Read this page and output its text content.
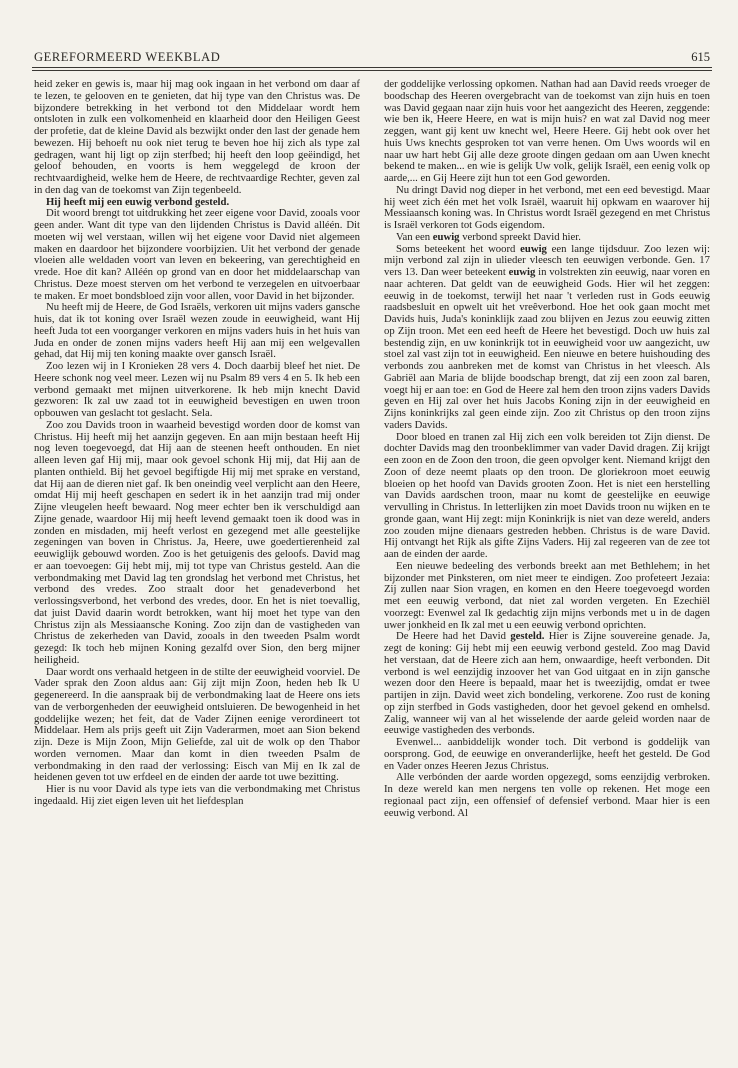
GEREFORMEERD WEEKBLAD	615

heid zeker en gewis is, maar hij mag ook ingaan in het verbond om daar af te lezen, te gelooven en te genieten, dat hij type van den Christus was. De bijzondere betrekking in het verbond tot den Middelaar wordt hem ontsloten in zulk een volkomenheid en klaarheid door den Heiligen Geest der profetie, dat de kleine David als bezwijkt onder den last der genade hem bewezen. Hij behoeft nu ook niet terug te beven hoe hij zich als type zal gedragen, want hij ligt op zijn sterfbed; hij heeft den loop geëindigd, het geloof behouden, en voorts is hem weggelegd de kroon der rechtvaardigheid, welke hem de Heere, de rechtvaardige Rechter, geven zal in den dag van de toekomst van Zijn tegenbeeld.

Hij heeft mij een euwig verbond gesteld.

Dit woord brengt tot uitdrukking het zeer eigene voor David, zooals voor geen ander. Want dit type van den lijdenden Christus is David alléén. Dit moeten wij wel verstaan, willen wij het eigene voor David niet algemeen maken en daardoor het bijzondere voorbijzien. Uit het verbond der genade vloeien alle weldaden voort van leven en bekeering, van gerechtigheid en vrede. Hoe dit kan? Alléén op grond van en door het middelaarschap van Christus. Deze moest sterven om het verbond te verzegelen en uitvoerbaar te maken. Er moet bondsbloed zijn voor allen, voor David in het bijzonder.

Nu heeft mij de Heere, de God Israëls, verkoren uit mijns vaders gansche huis, dat ik tot koning over Israël wezen zoude in eeuwigheid, want Hij heeft Juda tot een voorganger verkoren en mijns vaders huis in het huis van Juda en onder de zonen mijns vaders heeft Hij aan mij een welgevallen gehad, dat Hij mij ten koning maakte over gansch Israël.

Zoo lezen wij in I Kronieken 28 vers 4. Doch daarbij bleef het niet. De Heere schonk nog veel meer. Lezen wij nu Psalm 89 vers 4 en 5. Ik heb een verbond gemaakt met mijnen uitverkorene. Ik heb mijn knecht David gezworen: Ik zal uw zaad tot in eeuwigheid bevestigen en uwen troon opbouwen van geslacht tot geslacht. Sela.

Zoo zou Davids troon in waarheid bevestigd worden door de komst van Christus. Hij heeft mij het aanzijn gegeven. En aan mijn bestaan heeft Hij nog leven toegevoegd, dat Hij aan de steenen heeft onthouden. En niet alleen leven gaf Hij mij, maar ook gevoel schonk Hij mij, dat Hij aan de planten onthield. Bij het gevoel begiftigde Hij mij met sprake en verstand, dat Hij aan de dieren niet gaf. Ik ben oneindig veel verplicht aan den Heere, omdat Hij mij heeft geschapen en sedert ik in het aanzijn trad mij onder Zijne vleugelen heeft bewaard. Nog meer echter ben ik verschuldigd aan Zijne genade, waardoor Hij mij heeft levend gemaakt toen ik dood was in zonden en misdaden, mij heeft verlost en gezegend met alle geestelijke zegeningen van boven in Christus. Ja, Heere, uwe goedertierenheid zal eeuwiglijk gebouwd worden. Zoo is het getuigenis des geloofs. David mag er aan toevoegen: Gij hebt mij, mij tot type van Christus gesteld. Aan die verbondmaking met David lag ten grondslag het verbond met Christus, het verbond des vredes. Zoo straalt door het genadeverbond het verlossingsverbond, het verbond des vredes, door. En het is niet toevallig, dat juist David daarin wordt betrokken, want hij moet het type van den Christus zijn als Messiaansche Koning. Zoo zijn dan de vastigheden van Christus de zekerheden van David, zooals in den tweeden Psalm wordt gezegd: Ik toch heb mijnen Koning gezalfd over Sion, den berg mijner heiligheid.

Daar wordt ons verhaald hetgeen in de stilte der eeuwigheid voorviel. De Vader sprak den Zoon aldus aan: Gij zijt mijn Zoon, heden heb Ik U gegenereerd. In die aanspraak bij de verbondmaking laat de Heere ons iets van de verborgenheden der eeuwigheid ontsluieren. De bewogenheid in het goddelijke wezen; het feit, dat de Vader Zijnen eenige verordineert tot Middelaar. Hem als prijs geeft uit Zijn Vaderarmen, moet aan Sion bekend zijn. Deze is Mijn Zoon, Mijn Geliefde, zal uit de wolk op den Thabor worden vernomen. Maar dan komt in dien tweeden Psalm de verbondmaking in den raad der verlossing: Eisch van Mij en Ik zal de heidenen geven tot uw erfdeel en de einden der aarde tot uwe bezitting.

Hier is nu voor David als type iets van die verbondmaking met Christus ingedaald. Hij ziet eigen leven uit het liefdesplan

der goddelijke verlossing opkomen. Nathan had aan David reeds vroeger de boodschap des Heeren overgebracht van de toekomst van zijn huis en toen was David gegaan naar zijn huis voor het aangezicht des Heeren, zeggende: wie ben ik, Heere Heere, en wat is mijn huis? en wat zal David nog meer zeggen, want gij kent uw knecht wel, Heere Heere. Gij hebt ook over het huis Uws knechts gesproken tot van verre henen. Om Uws woords wil en naar uw hart hebt Gij alle deze groote dingen gedaan om aan Uwen knecht bekend te maken... en wie is gelijk Uw volk, gelijk Israël, een eenig volk op aarde,... en Gij Heere zijt hun tot een God geworden.

Nu dringt David nog dieper in het verbond, met een eed bevestigd. Maar hij weet zich één met het volk Israël, waaruit hij opkwam en waarover hij Messiaansch koning was. In Christus wordt Israël gezegend en met Christus is Israël verkoren tot Gods eigendom.

Van een euwig verbond spreekt David hier.

Soms beteekent het woord euwig een lange tijdsduur. Zoo lezen wij: mijn verbond zal zijn in ulieder vleesch ten eeuwigen verbonde. Gen. 17 vers 13. Dan weer beteekent euwig in volstrekten zin eeuwig, naar voren en naar achteren. Dat geldt van de eeuwigheid Gods. Hier wil het zeggen: eeuwig in de toekomst, terwijl het naar 't verleden rust in Gods eeuwig raadsbesluit en opwelt uit het vreêverbond. Hoe het ook gaan mocht met Davids huis, Juda's koninklijk zaad zou blijven en Jezus zou eeuwig zitten op Zijn troon. Met een eed heeft de Heere het bevestigd. Doch uw huis zal bestendig zijn, en uw koninkrijk tot in eeuwigheid voor uw aangezicht, uw stoel zal vast zijn tot in eeuwigheid. Een nieuwe en betere huishouding des verbonds zou aanbreken met de komst van Christus in het vleesch. Als Gabriël aan Maria de blijde boodschap brengt, dat zij een zoon zal baren, voegt hij er aan toe: en God de Heere zal hem den troon zijns vaders Davids geven en Hij zal over het huis Jacobs Koning zijn in der eeuwigheid en Zijns koninkrijks zal geen einde zijn. Zoo zit Christus op den troon zijns vaders Davids.

Door bloed en tranen zal Hij zich een volk bereiden tot Zijn dienst. De dochter Davids mag den troonbeklimmer van vader David dragen. Zij krijgt een zoon en de Zoon den troon, die geen opvolger kent. Niemand krijgt den Zoon of deze neemt plaats op den troon. De gloriekroon moet eeuwig bloeien op het hoofd van Davids grooten Zoon. Het is niet een herstelling van Davids aardschen troon, maar nu komt de geestelijke en eeuwige vervulling in Christus. In letterlijken zin moet Davids troon nu wijken en te gronde gaan, want Hij zegt: mijn Koninkrijk is niet van deze wereld, anders zoo zouden mijne dienaars gestreden hebben. Christus is de ware David. Hij ontvangt het Rijk als gifte Zijns Vaders. Hij zal regeeren van de zee tot aan de einden der aarde.

Een nieuwe bedeeling des verbonds breekt aan met Bethlehem; in het bijzonder met Pinksteren, om niet meer te eindigen. Zoo profeteert Jezaia: Zij zullen naar Sion vragen, en komen en den Heere toegevoegd worden met een eeuwig verbond, dat niet zal worden vergeten. En Ezechiël voorzegt: Evenwel zal Ik gedachtig zijn mijns verbonds met u in de dagen uwer jonkheid en Ik zal met u een eeuwig verbond oprichten.

De Heere had het David gesteld. Hier is Zijne souvereine genade. Ja, zegt de koning: Gij hebt mij een eeuwig verbond gesteld. Zoo mag David het verstaan, dat de Heere zich aan hem, onwaardige, heeft verbonden. Dit verbond is wel eenzijdig inzoover het van God uitgaat en in zijn gansche wezen door den Heere is bepaald, maar het is tweezijdig, omdat er twee partijen in zijn. David weet zich bondeling, verkorene. Zoo rust de koning op zijn sterfbed in Gods vastigheden, door het gevoel gekend en omhelsd. Zalig, wanneer wij van al het wisselende der aarde geleid worden naar de eeuwige vastigheden des verbonds.

Evenwel... aanbiddelijk wonder toch. Dit verbond is goddelijk van oorsprong. God, de eeuwige en onveranderlijke, heeft het gesteld. De God en Vader onzes Heeren Jezus Christus.

Alle verbónden der aarde worden opgezegd, soms eenzijdig verbroken. In deze wereld kan men nergens ten volle op rekenen. Het moge een regionaal pact zijn, een offensief of defensief verbond. Maar hier is een eeuwig verbond. Al
